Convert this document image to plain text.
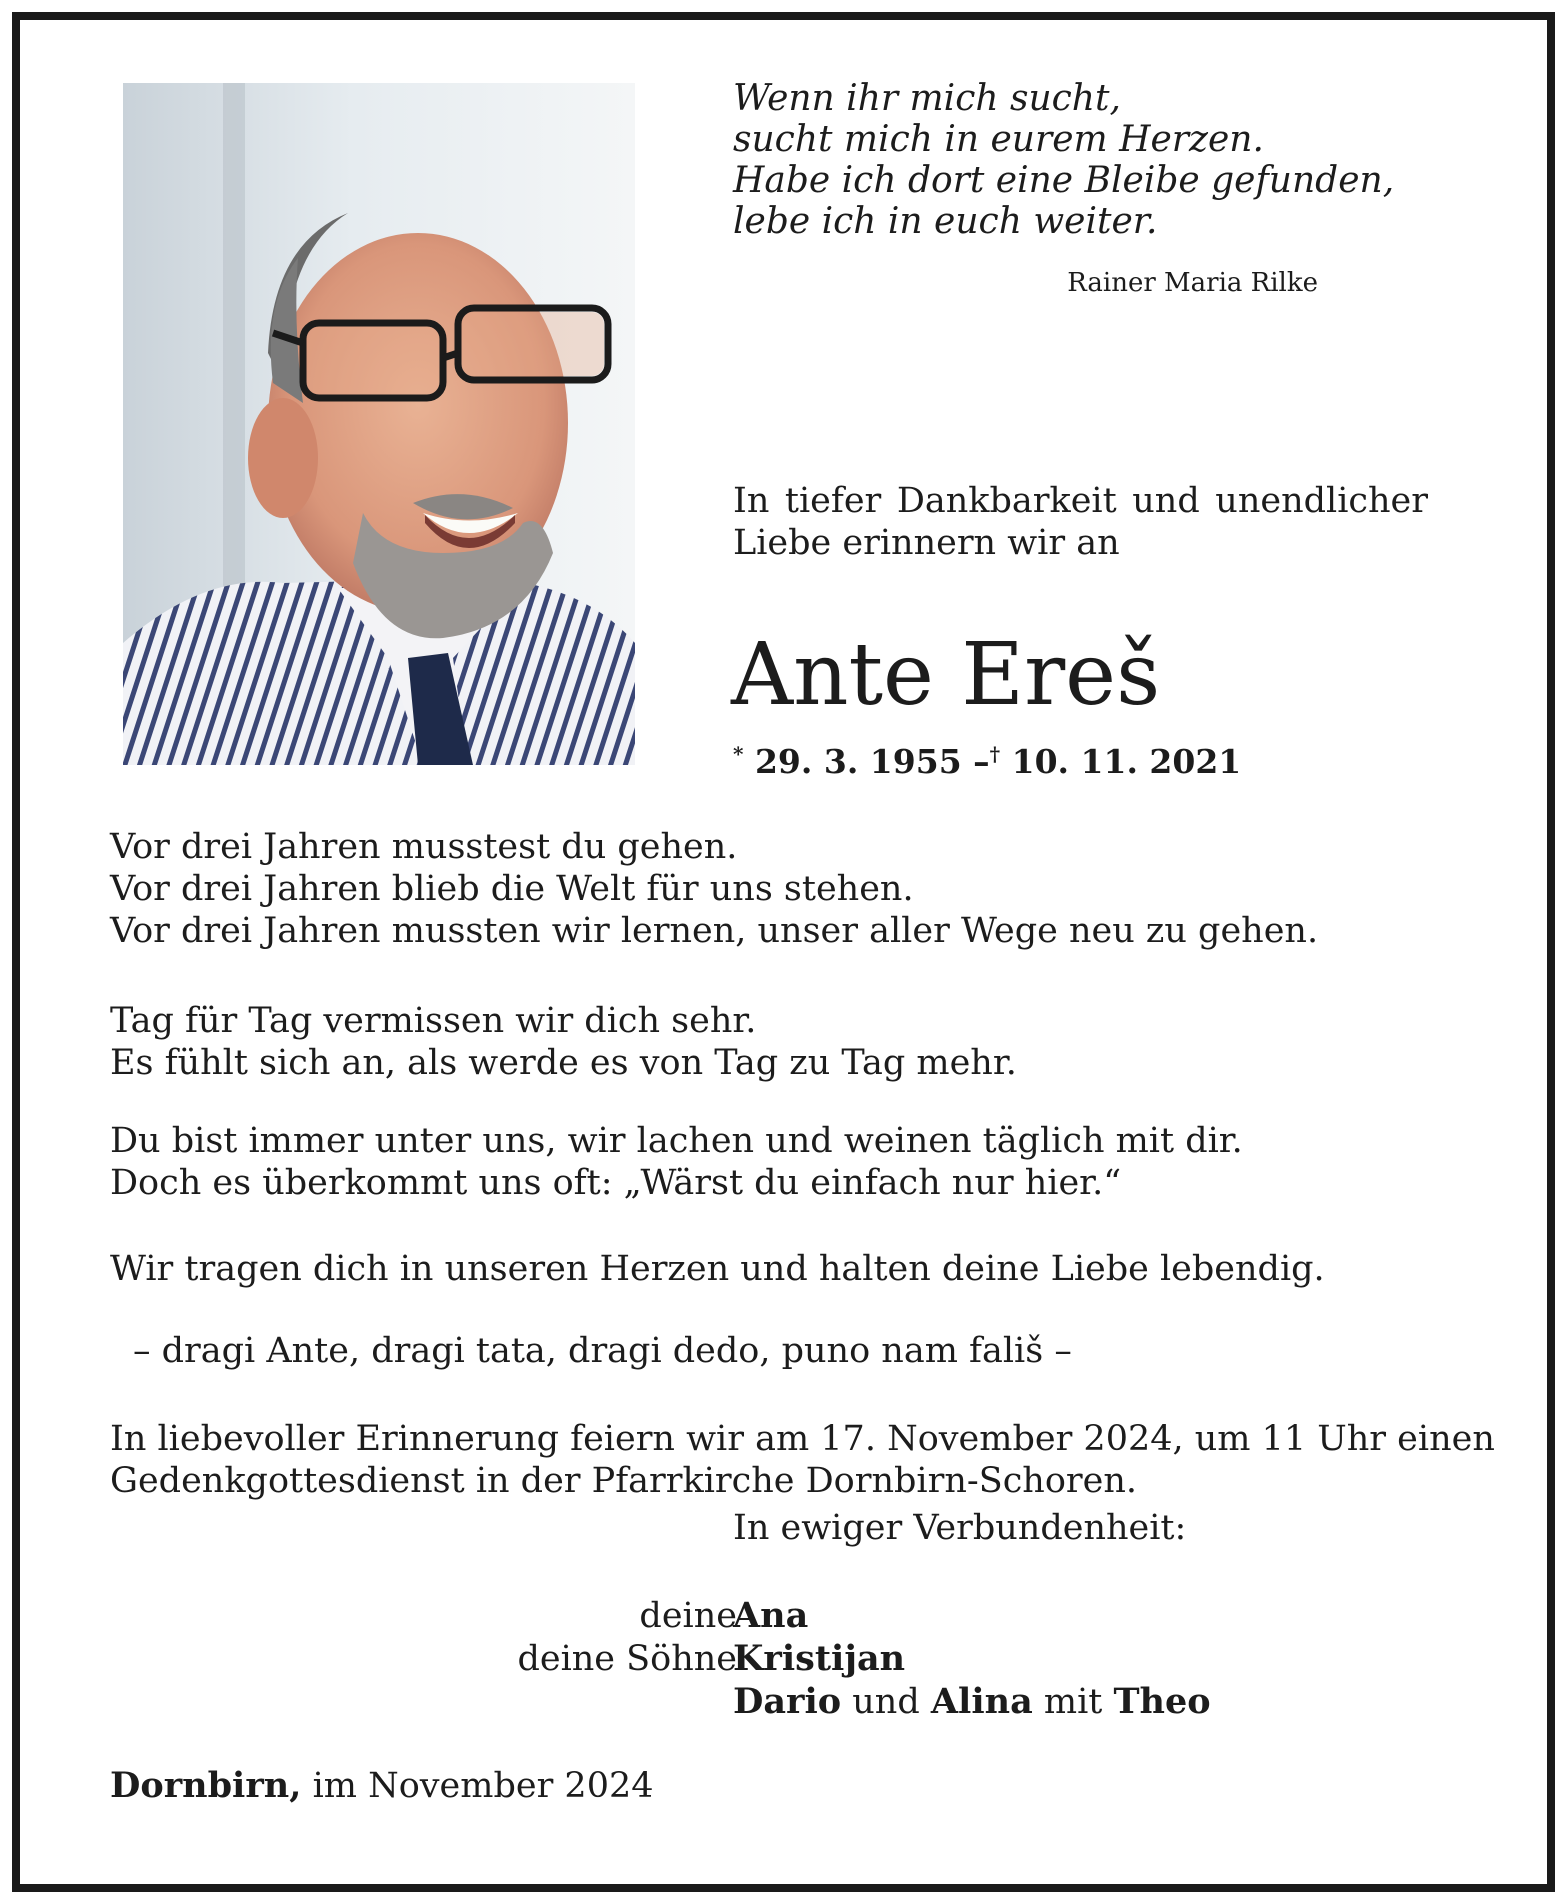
Wenn ihr mich sucht,
sucht mich in eurem Herzen.
Habe ich dort eine Bleibe gefunden,
lebe ich in euch weiter.
Rainer Maria Rilke
In tiefer Dankbarkeit und unendlicher
Liebe erinnern wir an
Ante Ereš
* 29. 3. 1955 –† 10. 11. 2021
Vor drei Jahren musstest du gehen.
Vor drei Jahren blieb die Welt für uns stehen.
Vor drei Jahren mussten wir lernen, unser aller Wege neu zu gehen.
Tag für Tag vermissen wir dich sehr.
Es fühlt sich an, als werde es von Tag zu Tag mehr.
Du bist immer unter uns, wir lachen und weinen täglich mit dir.
Doch es überkommt uns oft: „Wärst du einfach nur hier.“
Wir tragen dich in unseren Herzen und halten deine Liebe lebendig.
– dragi Ante, dragi tata, dragi dedo, puno nam fališ –
In liebevoller Erinnerung feiern wir am 17. November 2024, um 11 Uhr einen
Gedenkgottesdienst in der Pfarrkirche Dornbirn-Schoren.
In ewiger Verbundenheit:
deine
Ana
deine Söhne
Kristijan
Dario und Alina mit Theo
Dornbirn, im November 2024
